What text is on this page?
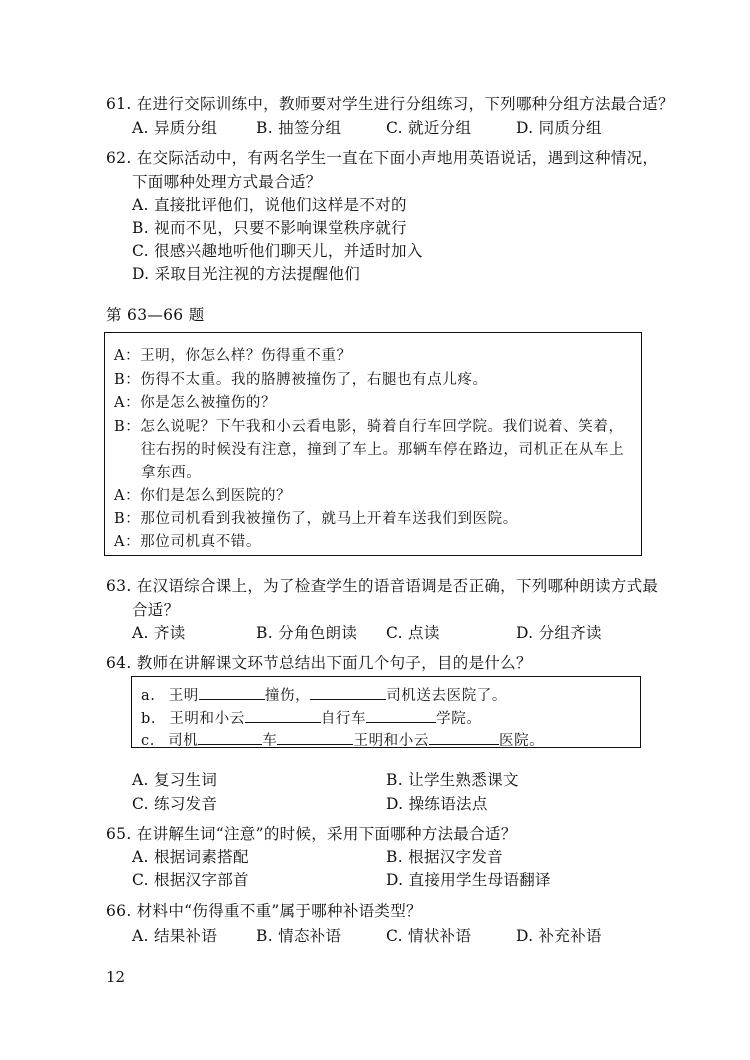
61. 在进行交际训练中，教师要对学生进行分组练习，下列哪种分组方法最合适？
A. 异质分组	B. 抽签分组	C. 就近分组	D. 同质分组
62. 在交际活动中，有两名学生一直在下面小声地用英语说话，遇到这种情况，
下面哪种处理方式最合适？
A. 直接批评他们，说他们这样是不对的
B. 视而不见，只要不影响课堂秩序就行
C. 很感兴趣地听他们聊天儿，并适时加入
D. 采取目光注视的方法提醒他们
第 63—66 题
A：王明，你怎么样？伤得重不重？
B：伤得不太重。我的胳膊被撞伤了，右腿也有点儿疼。
A：你是怎么被撞伤的？
B：怎么说呢？下午我和小云看电影，骑着自行车回学院。我们说着、笑着，
往右拐的时候没有注意，撞到了车上。那辆车停在路边，司机正在从车上
拿东西。
A：你们是怎么到医院的？
B：那位司机看到我被撞伤了，就马上开着车送我们到医院。
A：那位司机真不错。
63. 在汉语综合课上，为了检查学生的语音语调是否正确，下列哪种朗读方式最
合适？
A. 齐读	B. 分角色朗读 C. 点读	D. 分组齐读
64. 教师在讲解课文环节总结出下面几个句子，目的是什么？
a. 王明	撞伤，	司机送去医院了。
b. 王明和小云	自行车	学院。
c. 司机	车	王明和小云	医院。
A. 复习生词	B. 让学生熟悉课文
C. 练习发音	D. 操练语法点
65. 在讲解生词“注意”的时候，采用下面哪种方法最合适？
A. 根据词素搭配	B. 根据汉字发音
C. 根据汉字部首	D. 直接用学生母语翻译
66. 材料中“伤得重不重”属于哪种补语类型？
A. 结果补语	B. 情态补语	C. 情状补语	D. 补充补语
12
